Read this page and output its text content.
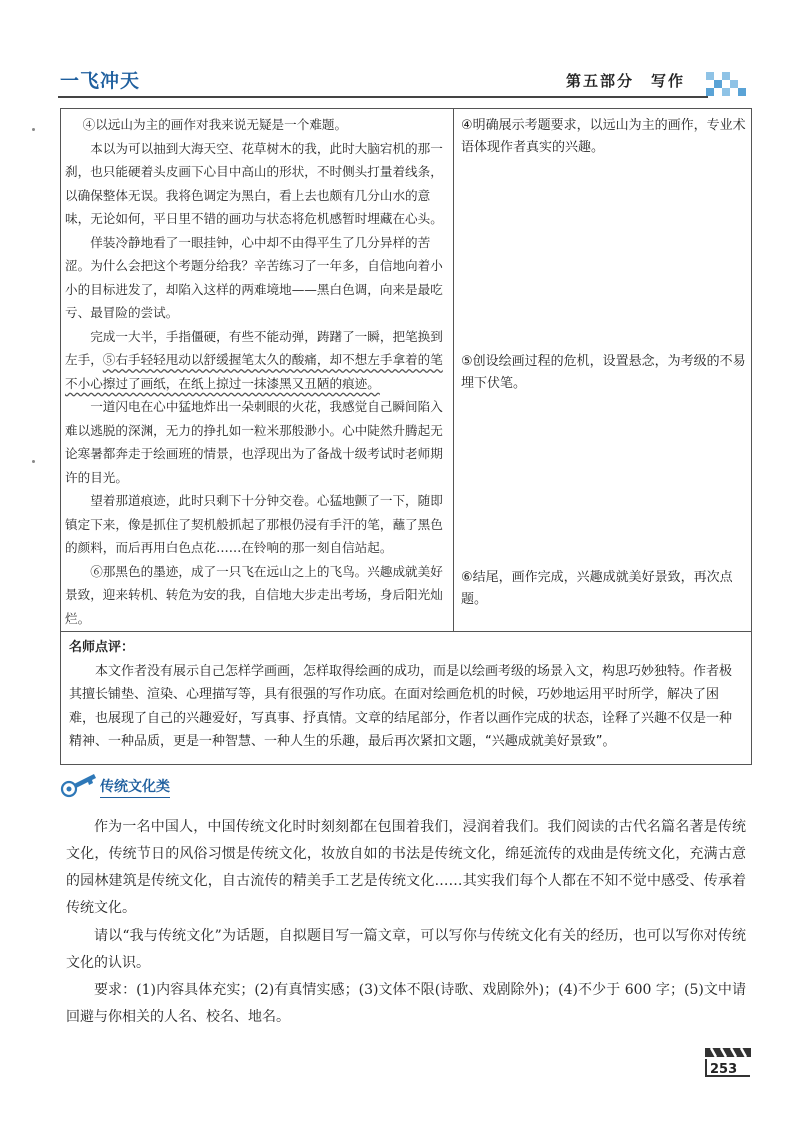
一飞冲天	第五部分　写作

④以远山为主的画作对我来说无疑是一个难题。

本以为可以抽到大海天空、花草树木的我，此时大脑宕机的那一刹，也只能硬着头皮画下心目中高山的形状，不时侧头打量着线条，以确保整体无误。我将色调定为黑白，看上去也颇有几分山水的意味，无论如何，平日里不错的画功与状态将危机感暂时埋藏在心头。

佯装冷静地看了一眼挂钟，心中却不由得平生了几分异样的苦涩。为什么会把这个考题分给我？辛苦练习了一年多，自信地向着小小的目标进发了，却陷入这样的两难境地——黑白色调，向来是最吃亏、最冒险的尝试。

完成一大半，手指僵硬，有些不能动弹，踌躇了一瞬，把笔换到左手，⑤右手轻轻甩动以舒缓握笔太久的酸痛，却不想左手拿着的笔不小心擦过了画纸，在纸上掠过一抹漆黑又丑陋的痕迹。

一道闪电在心中猛地炸出一朵刺眼的火花，我感觉自己瞬间陷入难以逃脱的深渊，无力的挣扎如一粒米那般渺小。心中陡然升腾起无论寒暑都奔走于绘画班的情景，也浮现出为了备战十级考试时老师期许的目光。

望着那道痕迹，此时只剩下十分钟交卷。心猛地颤了一下，随即镇定下来，像是抓住了契机般抓起了那根仍浸有手汗的笔，蘸了黑色的颜料，而后再用白色点花……在铃响的那一刻自信站起。

⑥那黑色的墨迹，成了一只飞在远山之上的飞鸟。兴趣成就美好景致，迎来转机、转危为安的我，自信地大步走出考场，身后阳光灿烂。

④明确展示考题要求，以远山为主的画作，专业术语体现作者真实的兴趣。
⑤创设绘画过程的危机，设置悬念，为考级的不易埋下伏笔。
⑥结尾，画作完成，兴趣成就美好景致，再次点题。
名师点评：
本文作者没有展示自己怎样学画画，怎样取得绘画的成功，而是以绘画考级的场景入文，构思巧妙独特。作者极其擅长铺垫、渲染、心理描写等，具有很强的写作功底。在面对绘画危机的时候，巧妙地运用平时所学，解决了困难，也展现了自己的兴趣爱好，写真事、抒真情。文章的结尾部分，作者以画作完成的状态，诠释了兴趣不仅是一种精神、一种品质，更是一种智慧、一种人生的乐趣，最后再次紧扣文题，“兴趣成就美好景致”。
传统文化类
作为一名中国人，中国传统文化时时刻刻都在包围着我们，浸润着我们。我们阅读的古代名篇名著是传统文化，传统节日的风俗习惯是传统文化，妆放自如的书法是传统文化，绵延流传的戏曲是传统文化，充满古意的园林建筑是传统文化，自古流传的精美手工艺是传统文化……其实我们每个人都在不知不觉中感受、传承着传统文化。
请以“我与传统文化”为话题，自拟题目写一篇文章，可以写你与传统文化有关的经历，也可以写你对传统文化的认识。
要求：(1)内容具体充实；(2)有真情实感；(3)文体不限(诗歌、戏剧除外)；(4)不少于 600 字；(5)文中请回避与你相关的人名、校名、地名。
253
